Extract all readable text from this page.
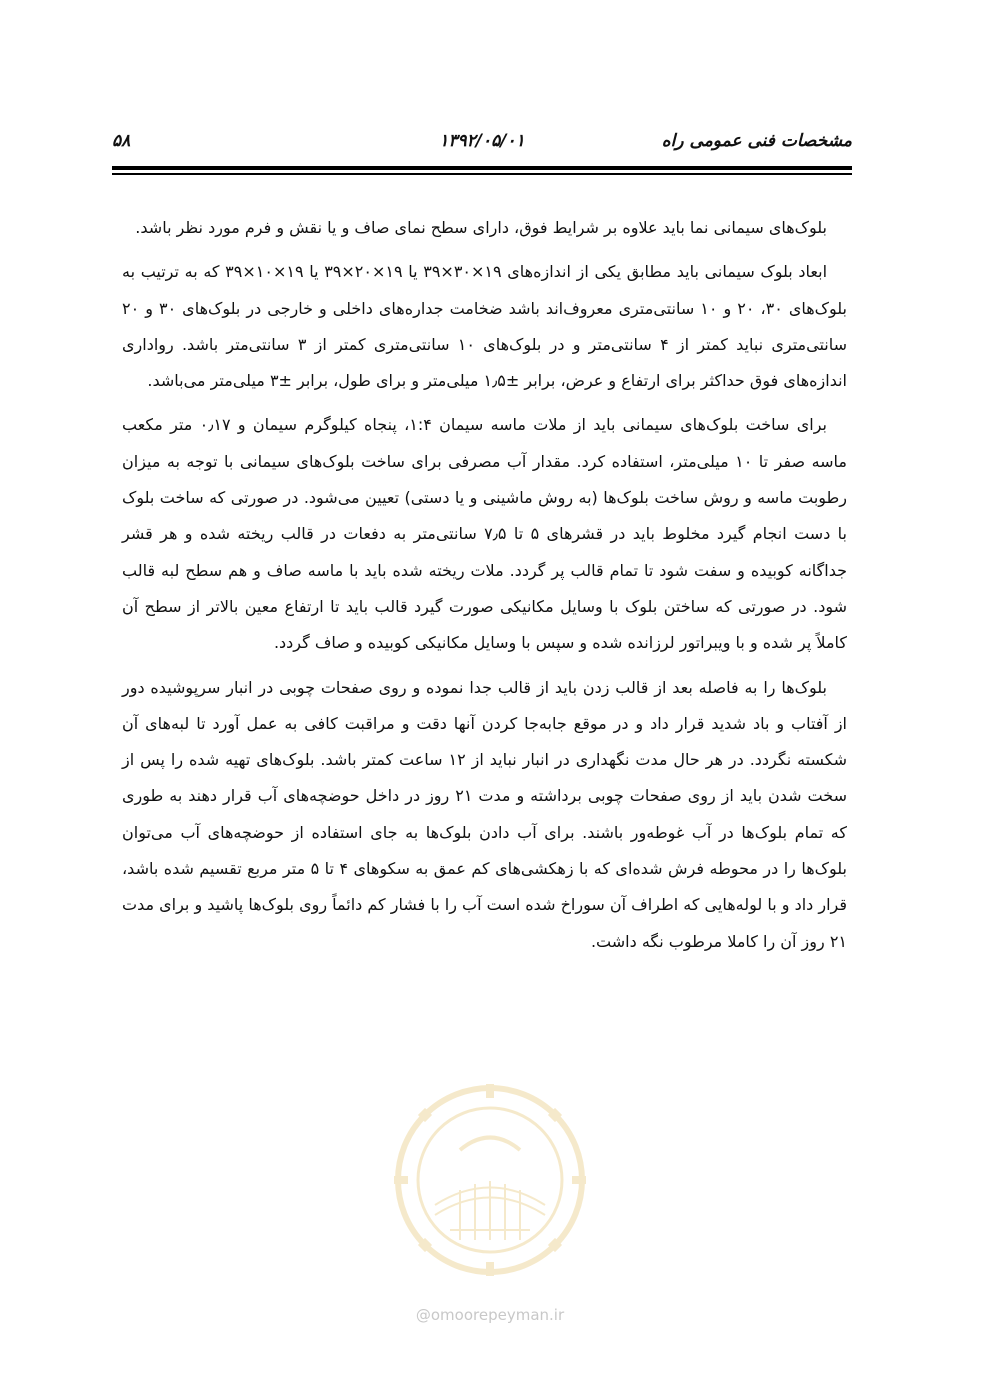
مشخصات فنی عمومی راه
۱۳۹۲/۰۵/۰۱
۵۸

بلوک‌های سیمانی نما باید علاوه بر شرایط فوق، دارای سطح نمای صاف و یا نقش و فرم مورد نظر باشد.

ابعاد بلوک سیمانی باید مطابق یکی از اندازه‌های ۱۹×۳۰×۳۹ یا ۱۹×۲۰×۳۹ یا ۱۹×۱۰×۳۹ که به ترتیب به بلوک‌های ۳۰، ۲۰ و ۱۰ سانتی‌متری معروف‌اند باشد ضخامت جداره‌های داخلی و خارجی در بلوک‌های ۳۰ و ۲۰ سانتی‌متری نباید کمتر از ۴ سانتی‌متر و در بلوک‌های ۱۰ سانتی‌متری کمتر از ۳ سانتی‌متر باشد. رواداری اندازه‌های فوق حداکثر برای ارتفاع و عرض، برابر ±۱٫۵ میلی‌متر و برای طول، برابر ±۳ میلی‌متر می‌باشد.

برای ساخت بلوک‌های سیمانی باید از ملات ماسه سیمان ۱:۴، پنجاه کیلوگرم سیمان و ۰٫۱۷ متر مکعب ماسه صفر تا ۱۰ میلی‌متر، استفاده کرد. مقدار آب مصرفی برای ساخت بلوک‌های سیمانی با توجه به میزان رطوبت ماسه و روش ساخت بلوک‌ها (به روش ماشینی و یا دستی) تعیین می‌شود. در صورتی که ساخت بلوک با دست انجام گیرد مخلوط باید در قشرهای ۵ تا ۷٫۵ سانتی‌متر به دفعات در قالب ریخته شده و هر قشر جداگانه کوبیده و سفت شود تا تمام قالب پر گردد. ملات ریخته شده باید با ماسه صاف و هم سطح لبه قالب شود. در صورتی که ساختن بلوک با وسایل مکانیکی صورت گیرد قالب باید تا ارتفاع معین بالاتر از سطح آن کاملاً پر شده و با ویبراتور لرزانده شده و سپس با وسایل مکانیکی کوبیده و صاف گردد.

بلوک‌ها را به فاصله بعد از قالب زدن باید از قالب جدا نموده و روی صفحات چوبی در انبار سرپوشیده دور از آفتاب و باد شدید قرار داد و در موقع جابه‌جا کردن آنها دقت و مراقبت کافی به عمل آورد تا لبه‌های آن شکسته نگردد. در هر حال مدت نگهداری در انبار نباید از ۱۲ ساعت کمتر باشد. بلوک‌های تهیه شده را پس از سخت شدن باید از روی صفحات چوبی برداشته و مدت ۲۱ روز در داخل حوضچه‌های آب قرار دهند به طوری که تمام بلوک‌ها در آب غوطه‌ور باشند. برای آب دادن بلوک‌ها به جای استفاده از حوضچه‌های آب می‌توان بلوک‌ها را در محوطه فرش شده‌ای که با زهکشی‌های کم عمق به سکوهای ۴ تا ۵ متر مربع تقسیم شده باشد، قرار داد و با لوله‌هایی که اطراف آن سوراخ شده است آب را با فشار کم دائماً روی بلوک‌ها پاشید و برای مدت ۲۱ روز آن را کاملا مرطوب نگه داشت.

@omoorepeyman.ir
